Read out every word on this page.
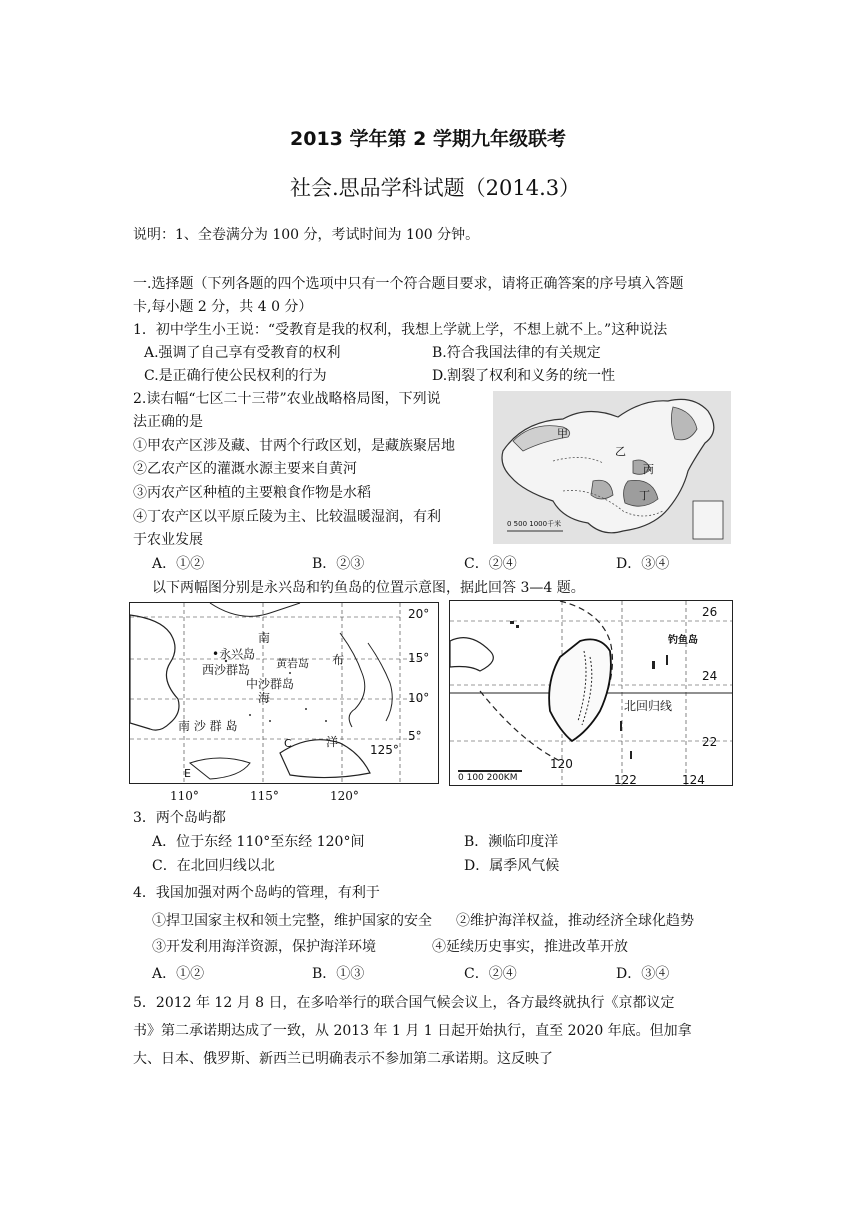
2013 学年第 2 学期九年级联考
社会.思品学科试题（2014.3）
说明：1、全卷满分为 100 分，考试时间为 100 分钟。
一.选择题（下列各题的四个选项中只有一个符合题目要求，请将正确答案的序号填入答题
卡,每小题 2 分，共 4 0 分）
1．初中学生小王说：“受教育是我的权利，我想上学就上学，不想上就不上。”这种说法
A.强调了自己享有受教育的权利	B.符合我国法律的有关规定
C.是正确行使公民权利的行为	D.割裂了权利和义务的统一性
2.读右幅“七区二十三带”农业战略格局图，下列说
法正确的是
①甲农产区涉及藏、甘两个行政区划，是藏族聚居地
②乙农产区的灌溉水源主要来自黄河
③丙农产区种植的主要粮食作物是水稻
④丁农产区以平原丘陵为主、比较温暖湿润，有利
于农业发展
A．①②	B．②③	C．②④	D．③④
甲
乙
丙
丁
0 500 1000千米
以下两幅图分别是永兴岛和钓鱼岛的位置示意图，据此回答 3—4 题。
20°
15°
10°
5°
125°
南
•永兴岛
黄岩岛
西沙群岛
布
中沙群岛
海
南 沙 群 岛
洋
E
C
110°	115°	120°
26
24
22
钓鱼岛
北回归线
120
122	124
0 100 200KM
3．两个岛屿都
A．位于东经 110°至东经 120°间	B．濒临印度洋
C．在北回归线以北	D．属季风气候
4．我国加强对两个岛屿的管理，有利于
①捍卫国家主权和领土完整，维护国家的安全 ②维护海洋权益，推动经济全球化趋势
③开发利用海洋资源，保护海洋环境	④延续历史事实，推进改革开放
A．①②	B．①③	C．②④	D．③④
5．2012 年 12 月 8 日，在多哈举行的联合国气候会议上，各方最终就执行《京都议定
书》第二承诺期达成了一致，从 2013 年 1 月 1 日起开始执行，直至 2020 年底。但加拿
大、日本、俄罗斯、新西兰已明确表示不参加第二承诺期。这反映了
